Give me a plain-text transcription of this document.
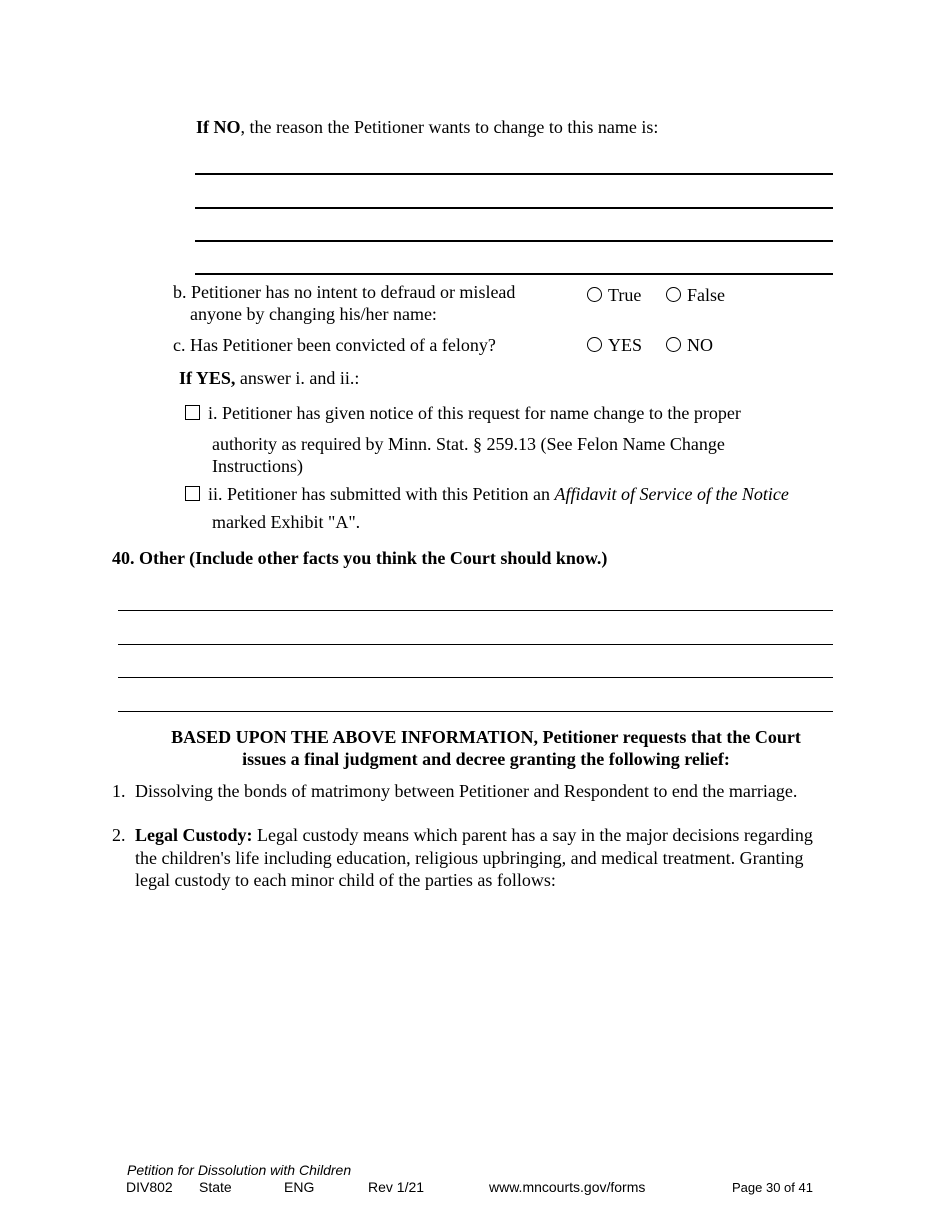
If NO, the reason the Petitioner wants to change to this name is:
b. Petitioner has no intent to defraud or mislead
anyone by changing his/her name:
True	False
c. Has Petitioner been convicted of a felony?	YES	NO
If YES, answer i. and ii.:
i. Petitioner has given notice of this request for name change to the proper
authority as required by Minn. Stat. § 259.13 (See Felon Name Change
Instructions)
ii. Petitioner has submitted with this Petition an Affidavit of Service of the Notice
marked Exhibit "A".
40. Other (Include other facts you think the Court should know.)
BASED UPON THE ABOVE INFORMATION, Petitioner requests that the Court
issues a final judgment and decree granting the following relief:
1. Dissolving the bonds of matrimony between Petitioner and Respondent to end the marriage.
2. Legal Custody: Legal custody means which parent has a say in the major decisions regarding
the children's life including education, religious upbringing, and medical treatment. Granting
legal custody to each minor child of the parties as follows:
Petition for Dissolution with Children
DIV802 State	ENG	Rev 1/21	www.mncourts.gov/forms	Page 30 of 41
